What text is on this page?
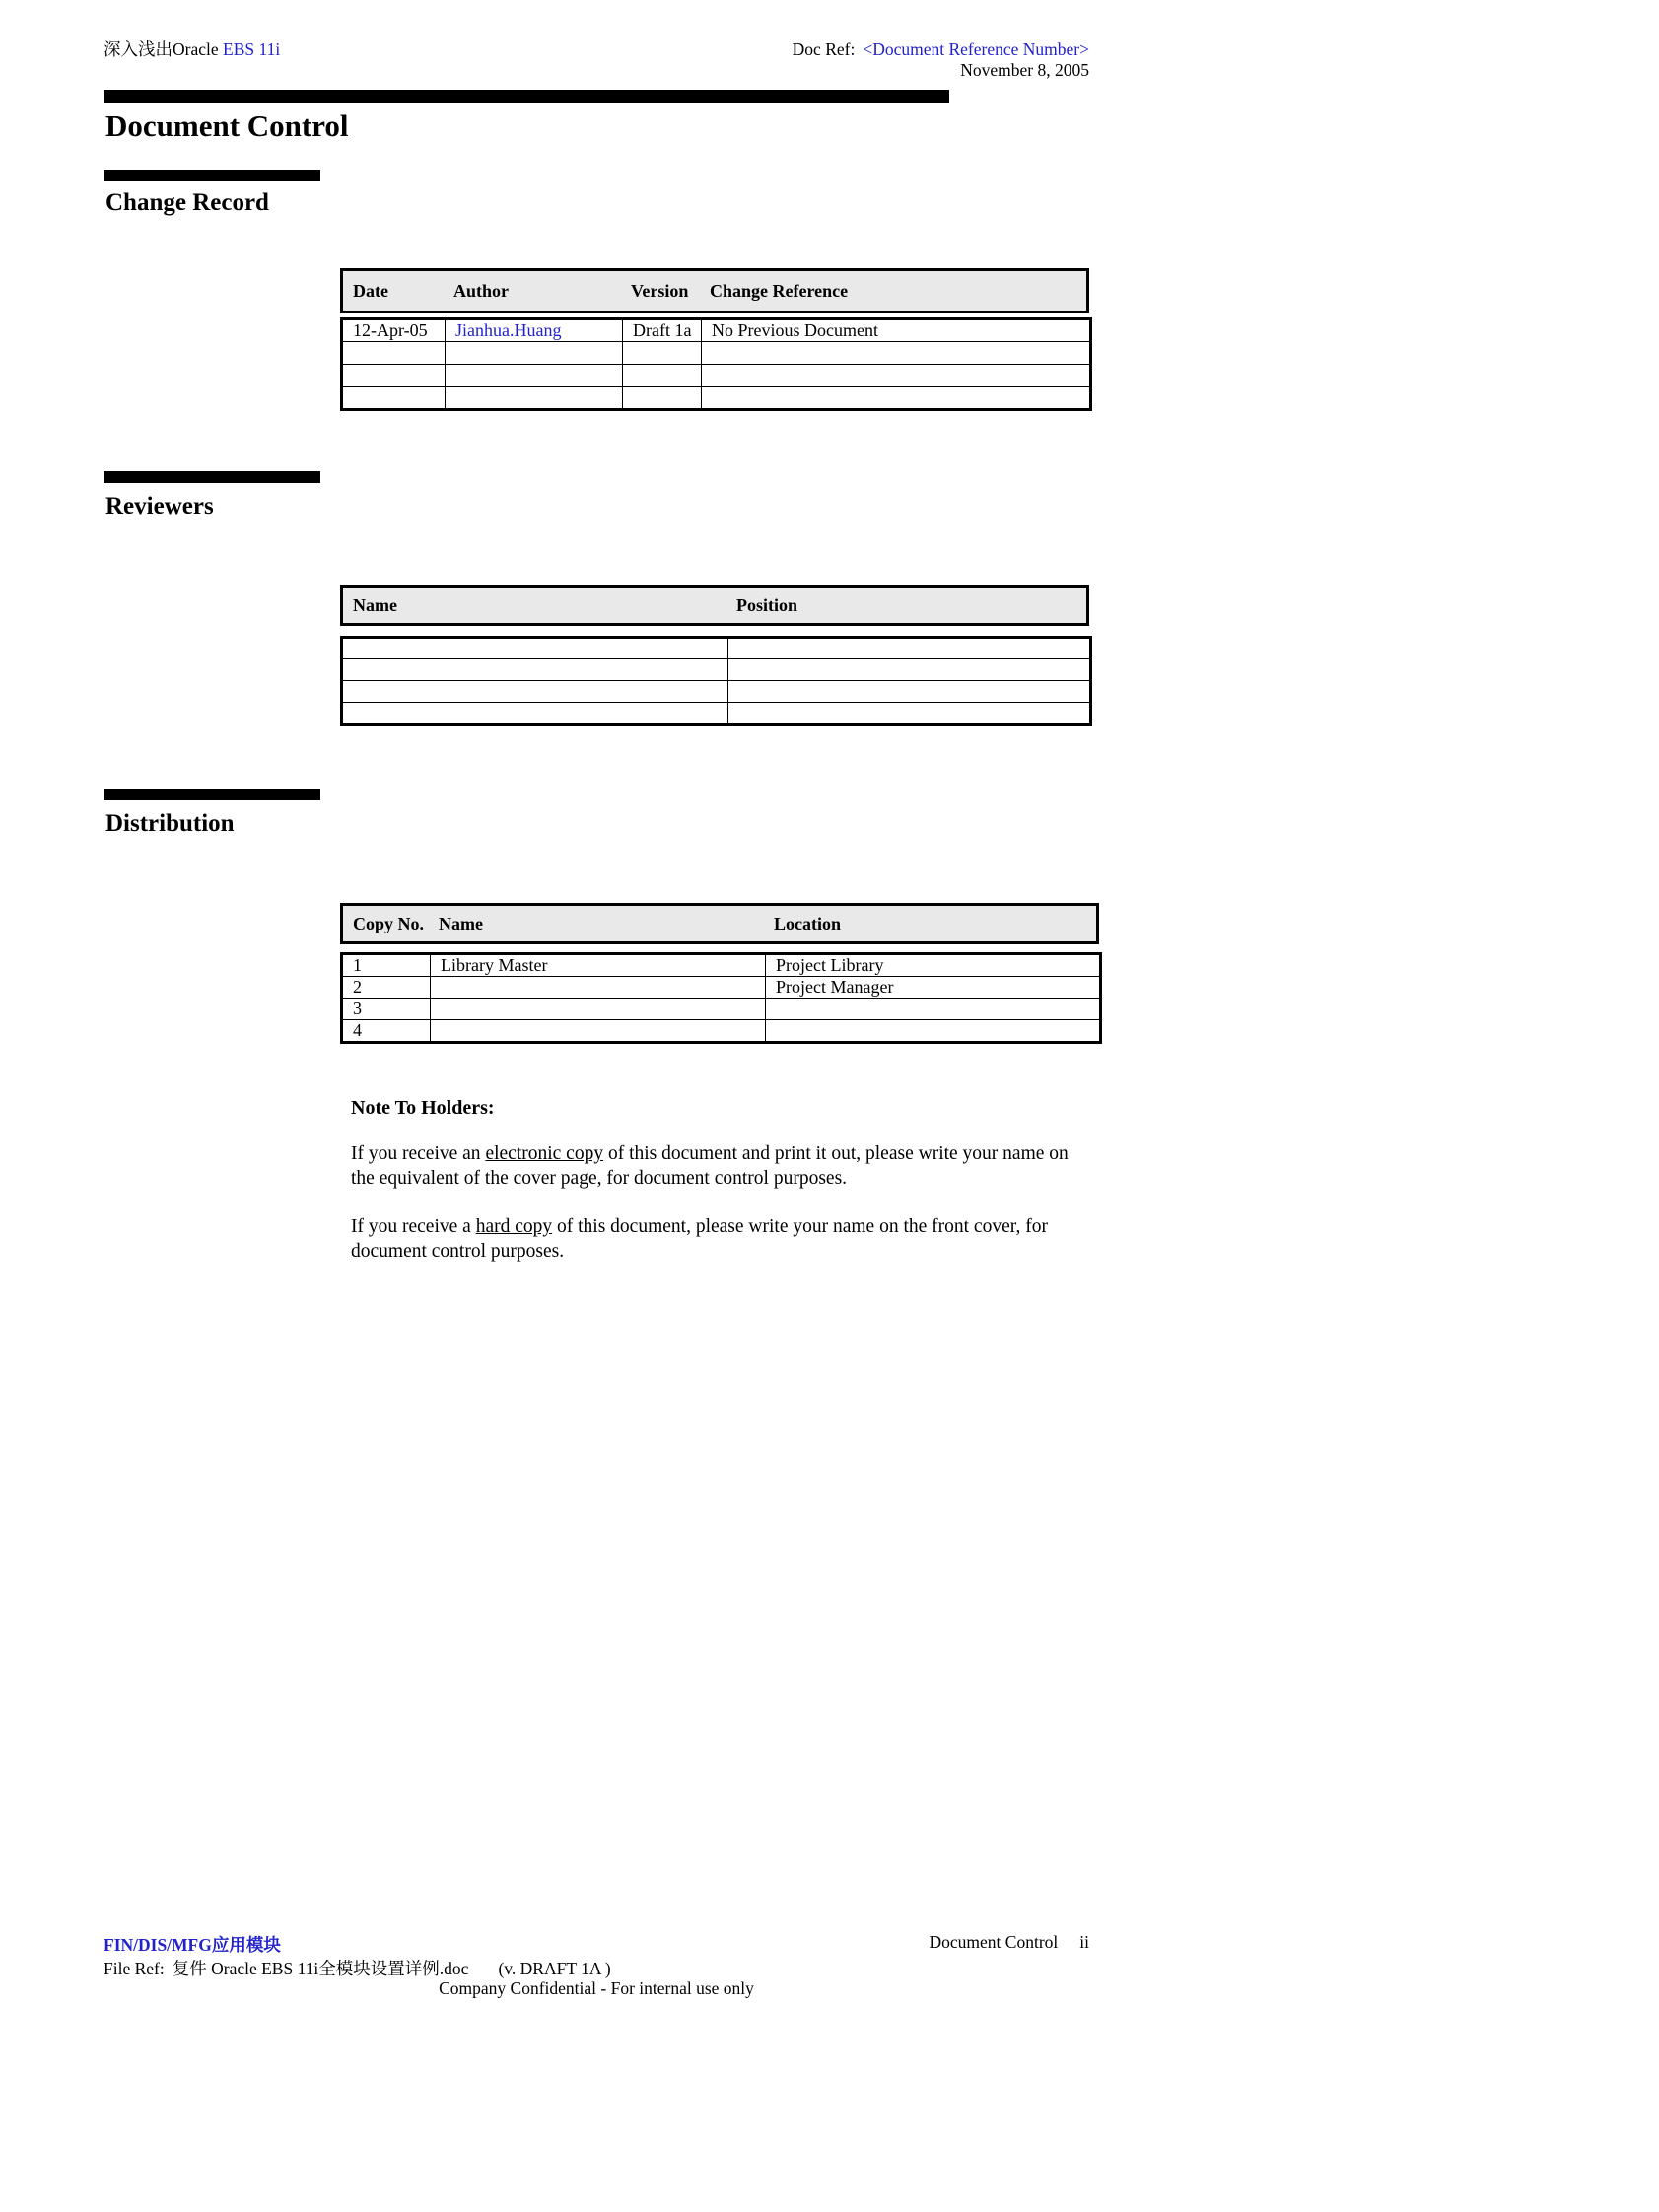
深入浅出Oracle EBS 11i	Doc Ref: <Document Reference Number>
November 8, 2005
Document Control
Change Record
Date	Author	Version	Change Reference
12-Apr-05	Jianhua.Huang	Draft 1a	No Previous Document

Reviewers
Name	Position

Distribution
Copy No. Name	Location
1	Library Master	Project Library
2		Project Manager
3		
4		
Note To Holders:

If you receive an electronic copy of this document and print it out, please write your name on the equivalent of the cover page, for document control purposes.

If you receive a hard copy of this document, please write your name on the front cover, for document control purposes.

FIN/DIS/MFG应用模块	Document Control ii
File Ref: 复件 Oracle EBS 11i全模块设置详例.doc (v. DRAFT 1A )
Company Confidential - For internal use only
